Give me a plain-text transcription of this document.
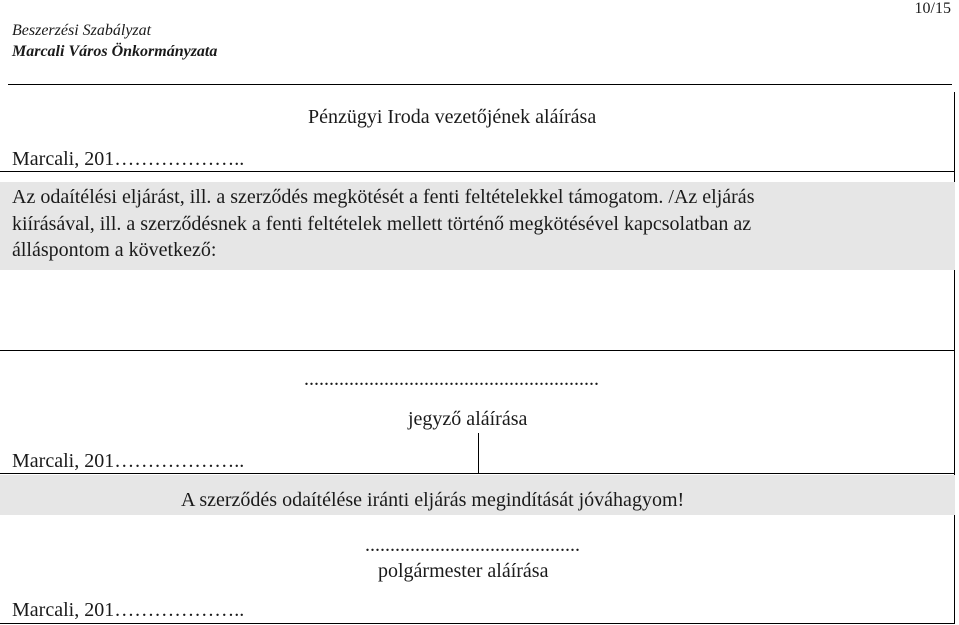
Beszerzési Szabályzat
Marcali Város Önkormányzata
10/15
Pénzügyi Iroda vezetőjének aláírása
Marcali, 201………………..
Az odaítélési eljárást, ill. a szerződés megkötését a fenti feltételekkel támogatom. /Az eljárás
kiírásával, ill. a szerződésnek a fenti feltételek mellett történő megkötésével kapcsolatban az
álláspontom a következő:
...........................................................
jegyző aláírása
Marcali, 201………………..
A szerződés odaítélése iránti eljárás megindítását jóváhagyom!
...........................................
polgármester aláírása
Marcali, 201………………..
